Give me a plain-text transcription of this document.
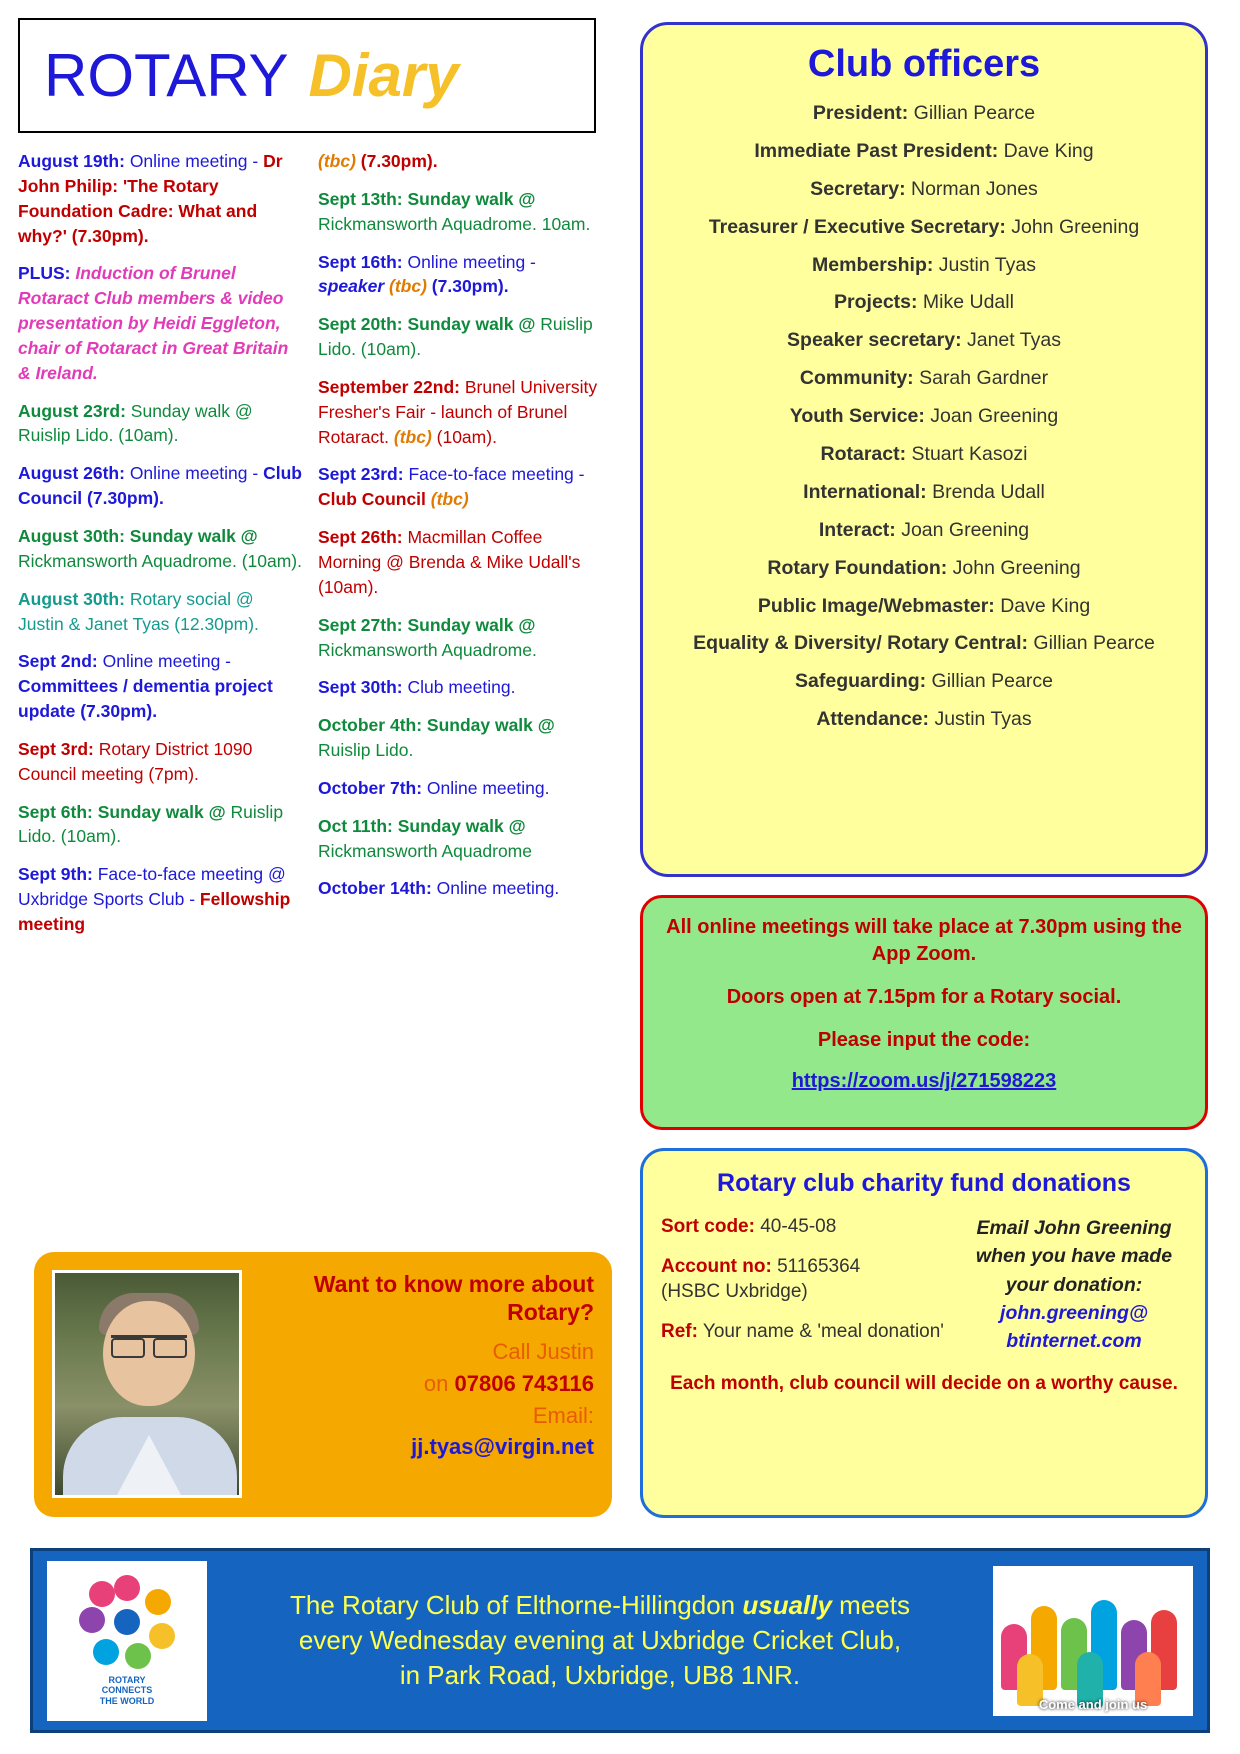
ROTARY Diary
August 19th: Online meeting - Dr John Philip: 'The Rotary Foundation Cadre: What and why?' (7.30pm).
PLUS: Induction of Brunel Rotaract Club members & video presentation by Heidi Eggleton, chair of Rotaract in Great Britain & Ireland.
August 23rd: Sunday walk @ Ruislip Lido. (10am).
August 26th: Online meeting - Club Council (7.30pm).
August 30th: Sunday walk @ Rickmansworth Aquadrome. (10am).
August 30th: Rotary social @ Justin & Janet Tyas (12.30pm).
Sept 2nd: Online meeting - Committees / dementia project update (7.30pm).
Sept 3rd: Rotary District 1090 Council meeting (7pm).
Sept 6th: Sunday walk @ Ruislip Lido. (10am).
Sept 9th: Face-to-face meeting @ Uxbridge Sports Club - Fellowship meeting
(tbc) (7.30pm).
Sept 13th: Sunday walk @ Rickmansworth Aquadrome. 10am.
Sept 16th: Online meeting - speaker (tbc) (7.30pm).
Sept 20th: Sunday walk @ Ruislip Lido. (10am).
September 22nd: Brunel University Fresher's Fair - launch of Brunel Rotaract. (tbc) (10am).
Sept 23rd: Face-to-face meeting - Club Council (tbc)
Sept 26th: Macmillan Coffee Morning @ Brenda & Mike Udall's (10am).
Sept 27th: Sunday walk @ Rickmansworth Aquadrome.
Sept 30th: Club meeting.
October 4th: Sunday walk @ Ruislip Lido.
October 7th: Online meeting.
Oct 11th: Sunday walk @ Rickmansworth Aquadrome
October 14th: Online meeting.
Want to know more about Rotary?
Call Justin
on 07806 743116
Email:
jj.tyas@virgin.net
Club officers
President: Gillian Pearce
Immediate Past President: Dave King
Secretary: Norman Jones
Treasurer / Executive Secretary: John Greening
Membership: Justin Tyas
Projects: Mike Udall
Speaker secretary: Janet Tyas
Community: Sarah Gardner
Youth Service: Joan Greening
Rotaract: Stuart Kasozi
International: Brenda Udall
Interact: Joan Greening
Rotary Foundation: John Greening
Public Image/Webmaster: Dave King
Equality & Diversity/ Rotary Central: Gillian Pearce
Safeguarding: Gillian Pearce
Attendance: Justin Tyas
All online meetings will take place at 7.30pm using the App Zoom.
Doors open at 7.15pm for a Rotary social.
Please input the code:
https://zoom.us/j/271598223
Rotary club charity fund donations
Sort code: 40-45-08
Account no: 51165364
(HSBC Uxbridge)
Ref: Your name & 'meal donation'
Email John Greening when you have made your donation:
john.greening@
btinternet.com
Each month, club council will decide on a worthy cause.
ROTARY
CONNECTS
THE WORLD
The Rotary Club of Elthorne-Hillingdon usually meets
every Wednesday evening at Uxbridge Cricket Club,
in Park Road, Uxbridge, UB8 1NR.
Come and join us
